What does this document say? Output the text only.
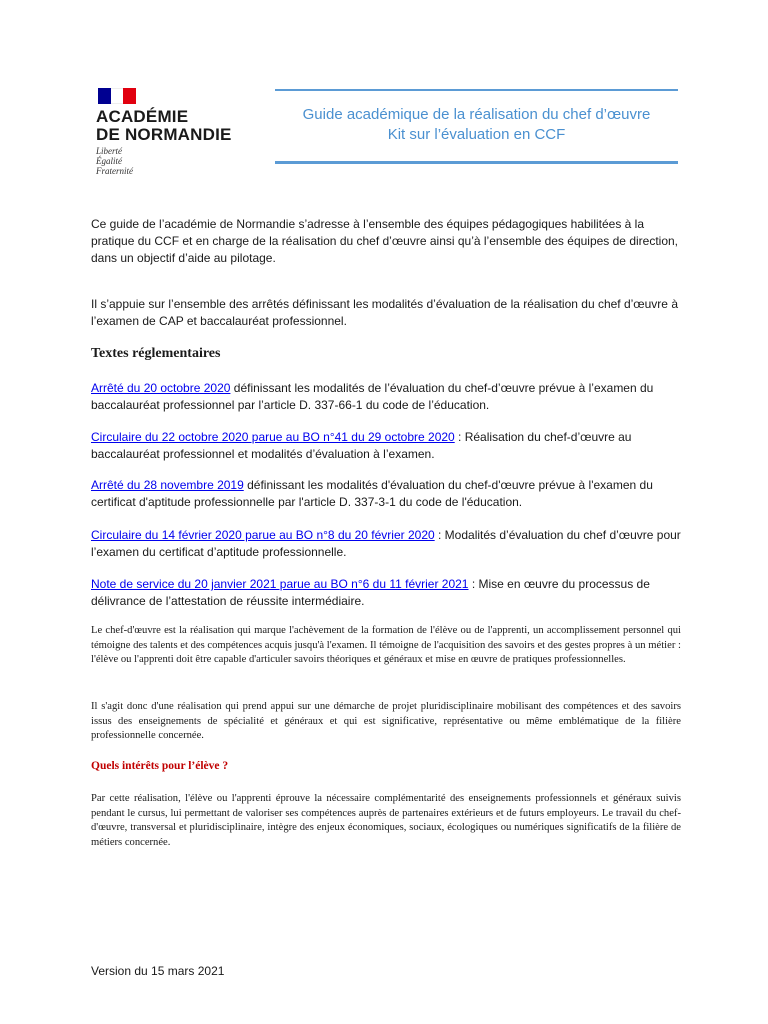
ACADÉMIE
DE NORMANDIE
Liberté
Égalité
Fraternité
Guide académique de la réalisation du chef d’œuvre
Kit sur l’évaluation en CCF

Ce guide de l’académie de Normandie s’adresse à l’ensemble des équipes pédagogiques habilitées à la pratique du CCF et en charge de la réalisation du chef d’œuvre ainsi qu’à l’ensemble des équipes de direction, dans un objectif d’aide au pilotage.

Il s’appuie sur l’ensemble des arrêtés définissant les modalités d’évaluation de la réalisation du chef d’œuvre à l’examen de CAP et baccalauréat professionnel.

Textes réglementaires

Arrêté du 20 octobre 2020 définissant les modalités de l’évaluation du chef-d’œuvre prévue à l’examen du baccalauréat professionnel par l’article D. 337-66-1 du code de l’éducation.

Circulaire du 22 octobre 2020 parue au BO n°41 du 29 octobre 2020 : Réalisation du chef-d’œuvre au baccalauréat professionnel et modalités d’évaluation à l’examen.

Arrêté du 28 novembre 2019 définissant les modalités d'évaluation du chef-d'œuvre prévue à l'examen du certificat d'aptitude professionnelle par l'article D. 337-3-1 du code de l'éducation.

Circulaire du 14 février 2020 parue au BO n°8 du 20 février 2020 : Modalités d’évaluation du chef d’œuvre pour l’examen du certificat d’aptitude professionnelle.

Note de service du 20 janvier 2021 parue au BO n°6 du 11 février 2021 : Mise en œuvre du processus de délivrance de l’attestation de réussite intermédiaire.

Le chef-d'œuvre est la réalisation qui marque l'achèvement de la formation de l'élève ou de l'apprenti, un accomplissement personnel qui témoigne des talents et des compétences acquis jusqu'à l'examen. Il témoigne de l'acquisition des savoirs et des gestes propres à un métier : l'élève ou l'apprenti doit être capable d'articuler savoirs théoriques et généraux et mise en œuvre de pratiques professionnelles.

Il s'agit donc d'une réalisation qui prend appui sur une démarche de projet pluridisciplinaire mobilisant des compétences et des savoirs issus des enseignements de spécialité et généraux et qui est significative, représentative ou même emblématique de la filière professionnelle concernée.

Quels intérêts pour l’élève ?

Par cette réalisation, l'élève ou l'apprenti éprouve la nécessaire complémentarité des enseignements professionnels et généraux suivis pendant le cursus, lui permettant de valoriser ses compétences auprès de partenaires extérieurs et de futurs employeurs. Le travail du chef-d'œuvre, transversal et pluridisciplinaire, intègre des enjeux économiques, sociaux, écologiques ou numériques significatifs de la filière de métiers concernée.

Version du 15 mars 2021
